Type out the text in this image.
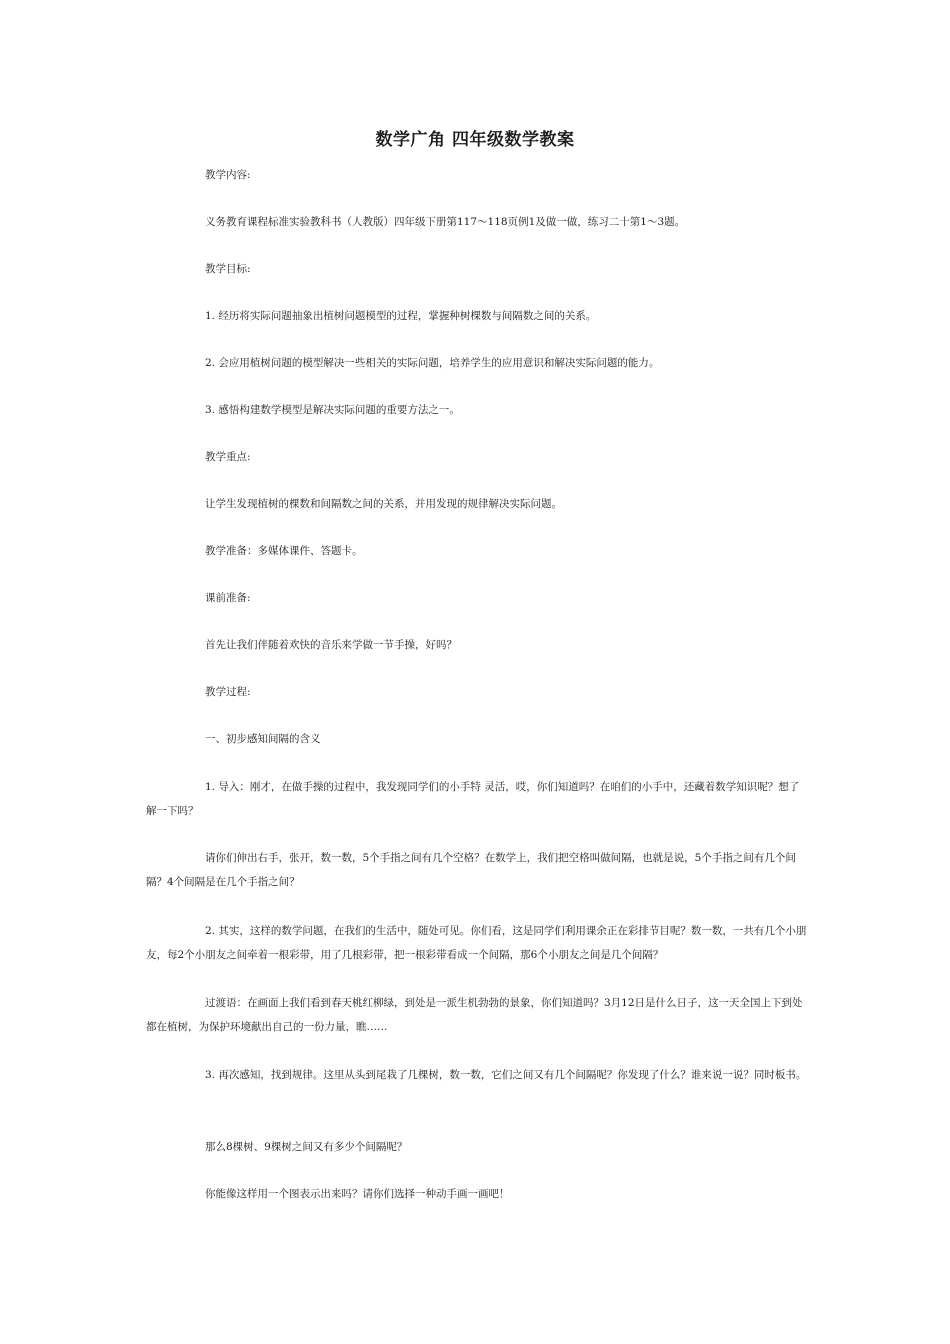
数学广角 四年级数学教案
教学内容:
义务教育课程标准实验教科书（人教版）四年级下册第117～118页例1及做一做，练习二十第1～3题。
教学目标:
1. 经历将实际问题抽象出植树问题模型的过程，掌握种树棵数与间隔数之间的关系。
2. 会应用植树问题的模型解决一些相关的实际问题，培养学生的应用意识和解决实际问题的能力。
3. 感悟构建数学模型是解决实际问题的重要方法之一。
教学重点:
让学生发现植树的棵数和间隔数之间的关系，并用发现的规律解决实际问题。
教学准备：多媒体课件、答题卡。
课前准备:
首先让我们伴随着欢快的音乐来学做一节手操，好吗？
教学过程:
一、初步感知间隔的含义
1. 导入：刚才，在做手操的过程中，我发现同学们的小手特 灵活，哎，你们知道吗？在咱们的小手中，还藏着数学知识呢？想了解一下吗？
请你们伸出右手，张开，数一数，5个手指之间有几个空格？在数学上，我们把空格叫做间隔，也就是说，5个手指之间有几个间隔？4个间隔是在几个手指之间？
2. 其实，这样的数学问题，在我们的生活中，随处可见。你们看，这是同学们利用课余正在彩排节目呢？数一数，一共有几个小朋友，每2个小朋友之间牵着一根彩带，用了几根彩带，把一根彩带看成一个间隔，那6个小朋友之间是几个间隔？
过渡语：在画面上我们看到春天桃红柳绿，到处是一派生机勃勃的景象，你们知道吗？3月12日是什么日子，这一天全国上下到处都在植树，为保护环境献出自己的一份力量，瞧……
3. 再次感知，找到规律。这里从头到尾栽了几棵树，数一数，它们之间又有几个间隔呢？你发现了什么？谁来说一说？同时板书。
那么8棵树、9棵树之间又有多少个间隔呢？
你能像这样用一个图表示出来吗？请你们选择一种动手画一画吧！
